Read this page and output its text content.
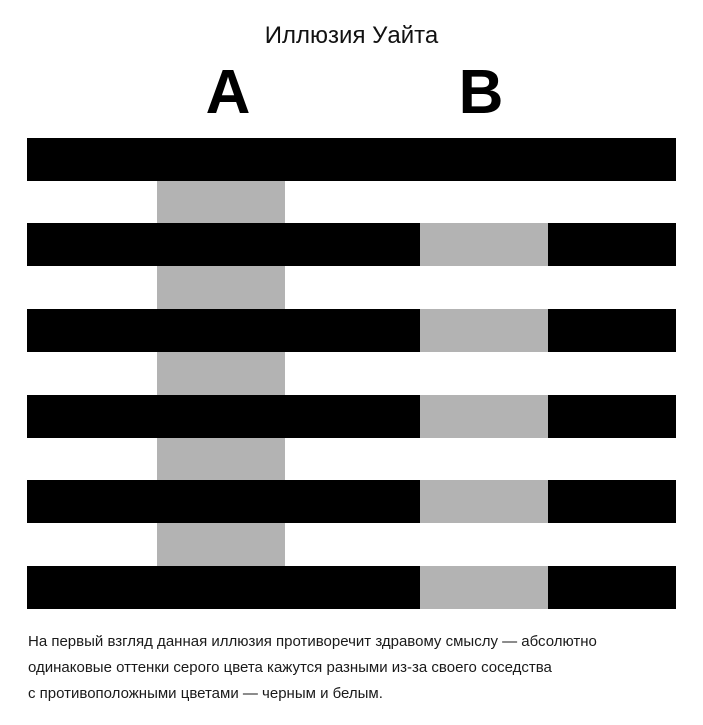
Иллюзия Уайта
A	B
На первый взгляд данная иллюзия противоречит здравому смыслу — абсолютно
одинаковые оттенки серого цвета кажутся разными из-за своего соседства
с противоположными цветами — черным и белым.
